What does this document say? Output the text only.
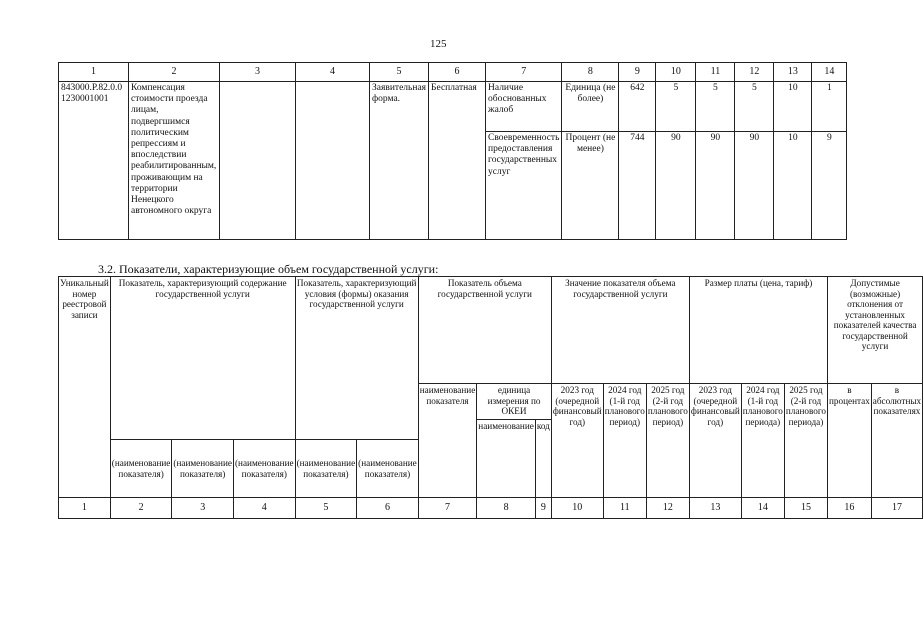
125
1	2	3	4	5	6	7	8	9	10	11	12	13	14
843000.Р.82.0.01230001001	Компенсация стоимости проезда лицам, подвергшимся политическим репрессиям и впоследствии реабилитированным, проживающим на территории Ненецкого автономного округа			Заявительная форма.	Бесплатная	Наличие обоснованных жалоб	Единица (не более)	642	5	5	5	10	1
						Своевременность предоставления государственных услуг	Процент (не менее)	744	90	90	90	10	9
3.2. Показатели, характеризующие объем государственной услуги:
Уникальный номер реестровой записи	Показатель, характеризующий содержание государственной услуги			Показатель, характеризующий условия (формы) оказания государственной услуги		Показатель объема государственной услуги			Значение показателя объема государственной услуги			Размер платы (цена, тариф)			Допустимые (возможные) отклонения от установленных показателей качества государственной услуги	
						наименование показателя	единица измерения по ОКЕИ		2023 год (очередной финансовый год)	2024 год (1-й год планового период)	2025 год (2-й год планового период)	2023 год (очередной финансовый год)	2024 год (1-й год планового периода)	2025 год (2-й год планового периода)	в процентах	в абсолютных показателях
							наименование	код								
	(наименование показателя)	(наименование показателя)	(наименование показателя)	(наименование показателя)	(наименование показателя)											
1	2	3	4	5	6	7	8	9	10	11	12	13	14	15	16	17
